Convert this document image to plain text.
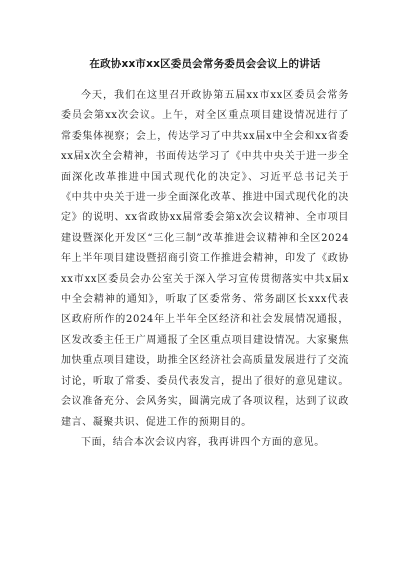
在政协xx市xx区委员会常务委员会会议上的讲话

今天，我们在这里召开政协第五届xx市xx区委员会常务委员会第xx次会议。上午，对全区重点项目建设情况进行了常委集体视察；会上，传达学习了中共xx届x中全会和xx省委xx届x次全会精神，书面传达学习了《中共中央关于进一步全面深化改革推进中国式现代化的决定》、习近平总书记关于《中共中央关于进一步全面深化改革、推进中国式现代化的决定》的说明、xx省政协xx届常委会第x次会议精神、全市项目建设暨深化开发区“三化三制”改革推进会议精神和全区2024年上半年项目建设暨招商引资工作推进会精神，印发了《政协xx市xx区委员会办公室关于深入学习宣传贯彻落实中共x届x中全会精神的通知》，听取了区委常务、常务副区长xxx代表区政府所作的2024年上半年全区经济和社会发展情况通报，区发改委主任王广周通报了全区重点项目建设情况。大家聚焦加快重点项目建设，助推全区经济社会高质量发展进行了交流讨论，听取了常委、委员代表发言，提出了很好的意见建议。会议准备充分、会风务实，圆满完成了各项议程，达到了议政建言、凝聚共识、促进工作的预期目的。

下面，结合本次会议内容，我再讲四个方面的意见。
